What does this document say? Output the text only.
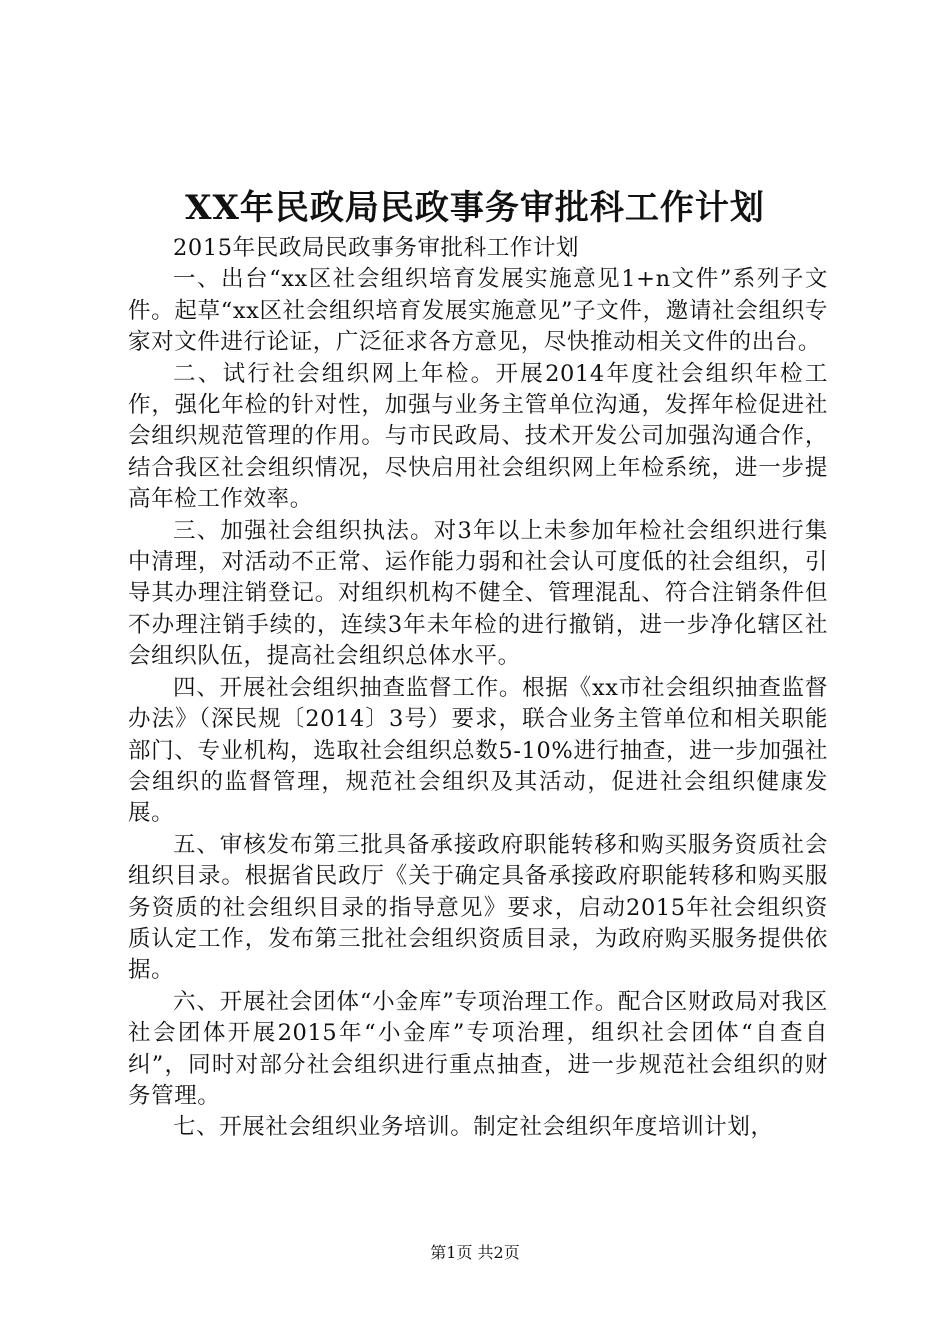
XX年民政局民政事务审批科工作计划

2015年民政局民政事务审批科工作计划

一、出台“xx区社会组织培育发展实施意见1+n文件”系列子文件。起草“xx区社会组织培育发展实施意见”子文件，邀请社会组织专家对文件进行论证，广泛征求各方意见，尽快推动相关文件的出台。

二、试行社会组织网上年检。开展2014年度社会组织年检工作，强化年检的针对性，加强与业务主管单位沟通，发挥年检促进社会组织规范管理的作用。与市民政局、技术开发公司加强沟通合作，结合我区社会组织情况，尽快启用社会组织网上年检系统，进一步提高年检工作效率。

三、加强社会组织执法。对3年以上未参加年检社会组织进行集中清理，对活动不正常、运作能力弱和社会认可度低的社会组织，引导其办理注销登记。对组织机构不健全、管理混乱、符合注销条件但不办理注销手续的，连续3年未年检的进行撤销，进一步净化辖区社会组织队伍，提高社会组织总体水平。

四、开展社会组织抽查监督工作。根据《xx市社会组织抽查监督办法》（深民规〔2014〕3号）要求，联合业务主管单位和相关职能部门、专业机构，选取社会组织总数5-10%进行抽查，进一步加强社会组织的监督管理，规范社会组织及其活动，促进社会组织健康发展。

五、审核发布第三批具备承接政府职能转移和购买服务资质社会组织目录。根据省民政厅《关于确定具备承接政府职能转移和购买服务资质的社会组织目录的指导意见》要求，启动2015年社会组织资质认定工作，发布第三批社会组织资质目录，为政府购买服务提供依据。

六、开展社会团体“小金库”专项治理工作。配合区财政局对我区社会团体开展2015年“小金库”专项治理，组织社会团体“自查自纠”，同时对部分社会组织进行重点抽查，进一步规范社会组织的财务管理。

七、开展社会组织业务培训。制定社会组织年度培训计划，

第1页 共2页
